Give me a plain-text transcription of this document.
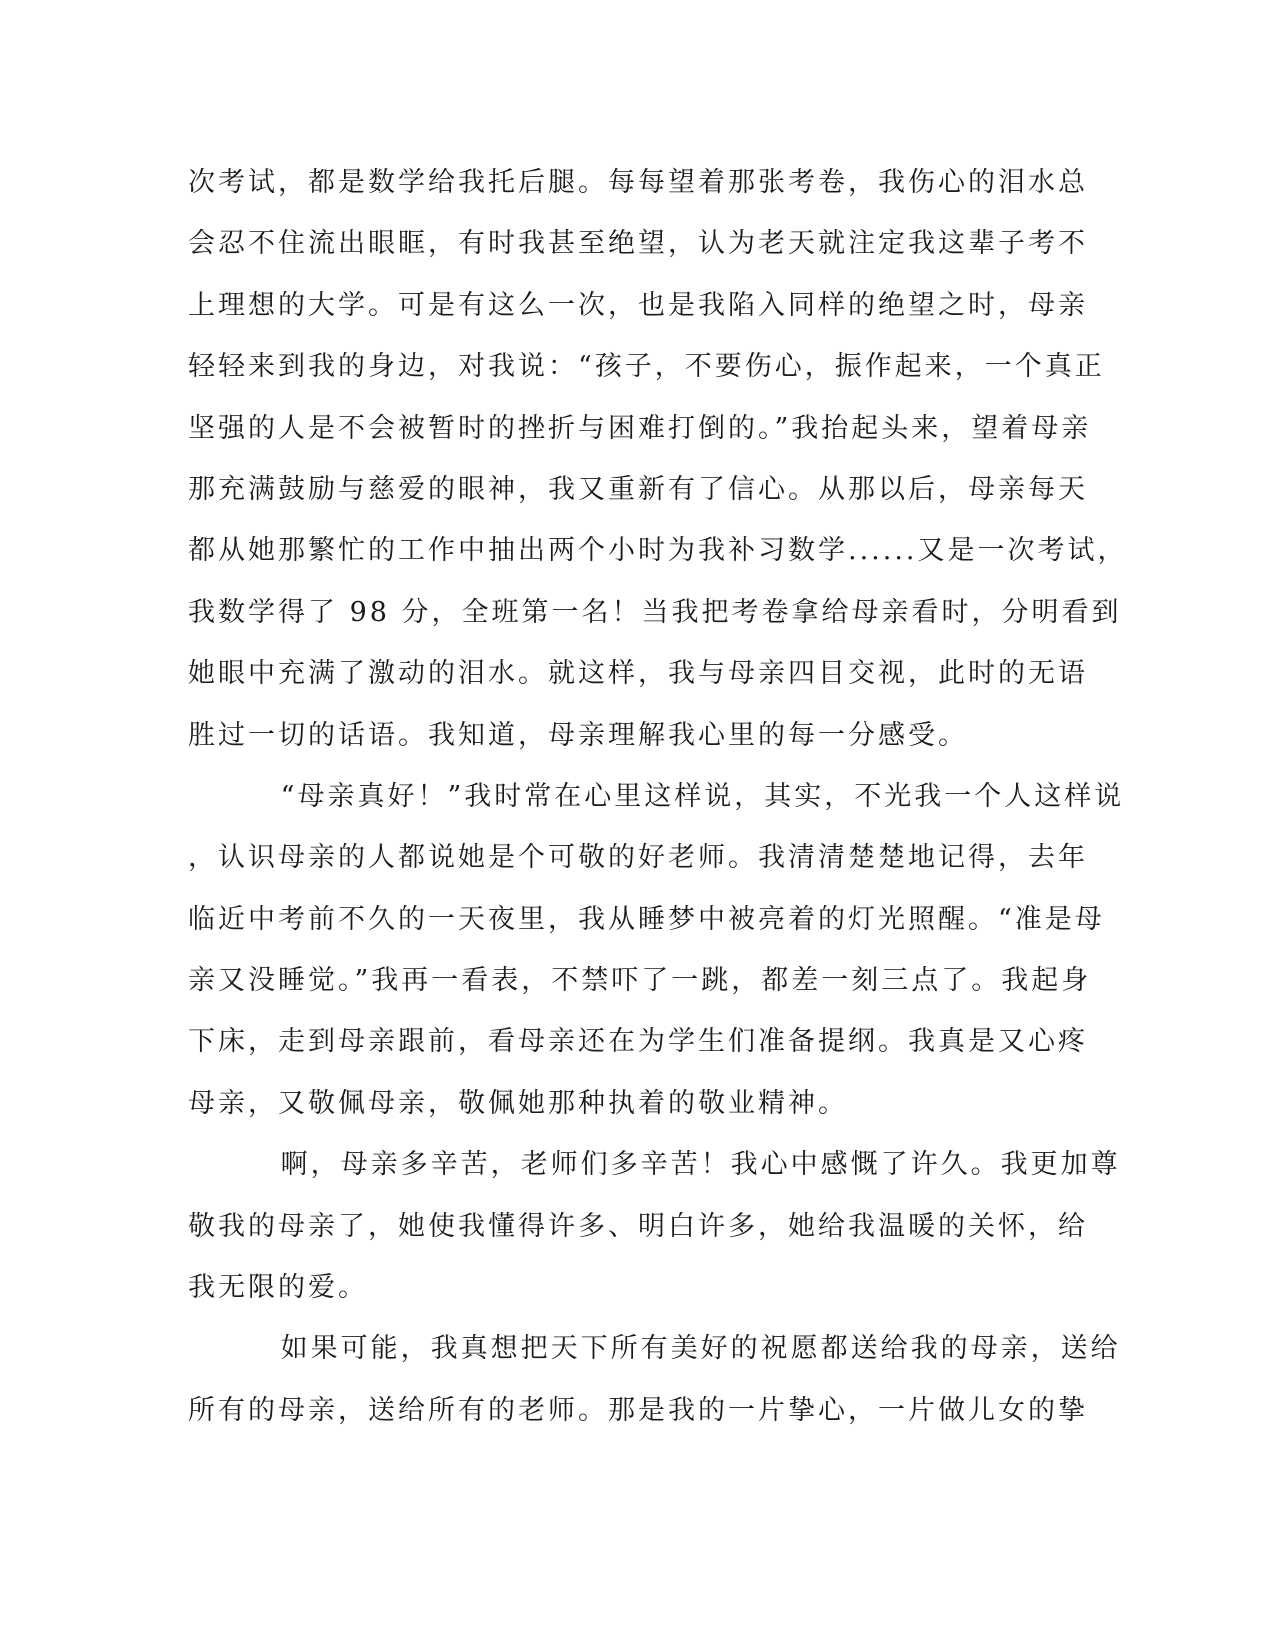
次考试，都是数学给我托后腿。每每望着那张考卷，我伤心的泪水总
会忍不住流出眼眶，有时我甚至绝望，认为老天就注定我这辈子考不
上理想的大学。可是有这么一次，也是我陷入同样的绝望之时，母亲
轻轻来到我的身边，对我说：“孩子，不要伤心，振作起来，一个真正
坚强的人是不会被暂时的挫折与困难打倒的。”我抬起头来，望着母亲
那充满鼓励与慈爱的眼神，我又重新有了信心。从那以后，母亲每天
都从她那繁忙的工作中抽出两个小时为我补习数学......又是一次考试，
我数学得了 98 分，全班第一名！当我把考卷拿给母亲看时，分明看到
她眼中充满了激动的泪水。就这样，我与母亲四目交视，此时的无语
胜过一切的话语。我知道，母亲理解我心里的每一分感受。
“母亲真好！”我时常在心里这样说，其实，不光我一个人这样说
，认识母亲的人都说她是个可敬的好老师。我清清楚楚地记得，去年
临近中考前不久的一天夜里，我从睡梦中被亮着的灯光照醒。“准是母
亲又没睡觉。”我再一看表，不禁吓了一跳，都差一刻三点了。我起身
下床，走到母亲跟前，看母亲还在为学生们准备提纲。我真是又心疼
母亲，又敬佩母亲，敬佩她那种执着的敬业精神。
啊，母亲多辛苦，老师们多辛苦！我心中感慨了许久。我更加尊
敬我的母亲了，她使我懂得许多、明白许多，她给我温暖的关怀，给
我无限的爱。
如果可能，我真想把天下所有美好的祝愿都送给我的母亲，送给
所有的母亲，送给所有的老师。那是我的一片挚心，一片做儿女的挚
